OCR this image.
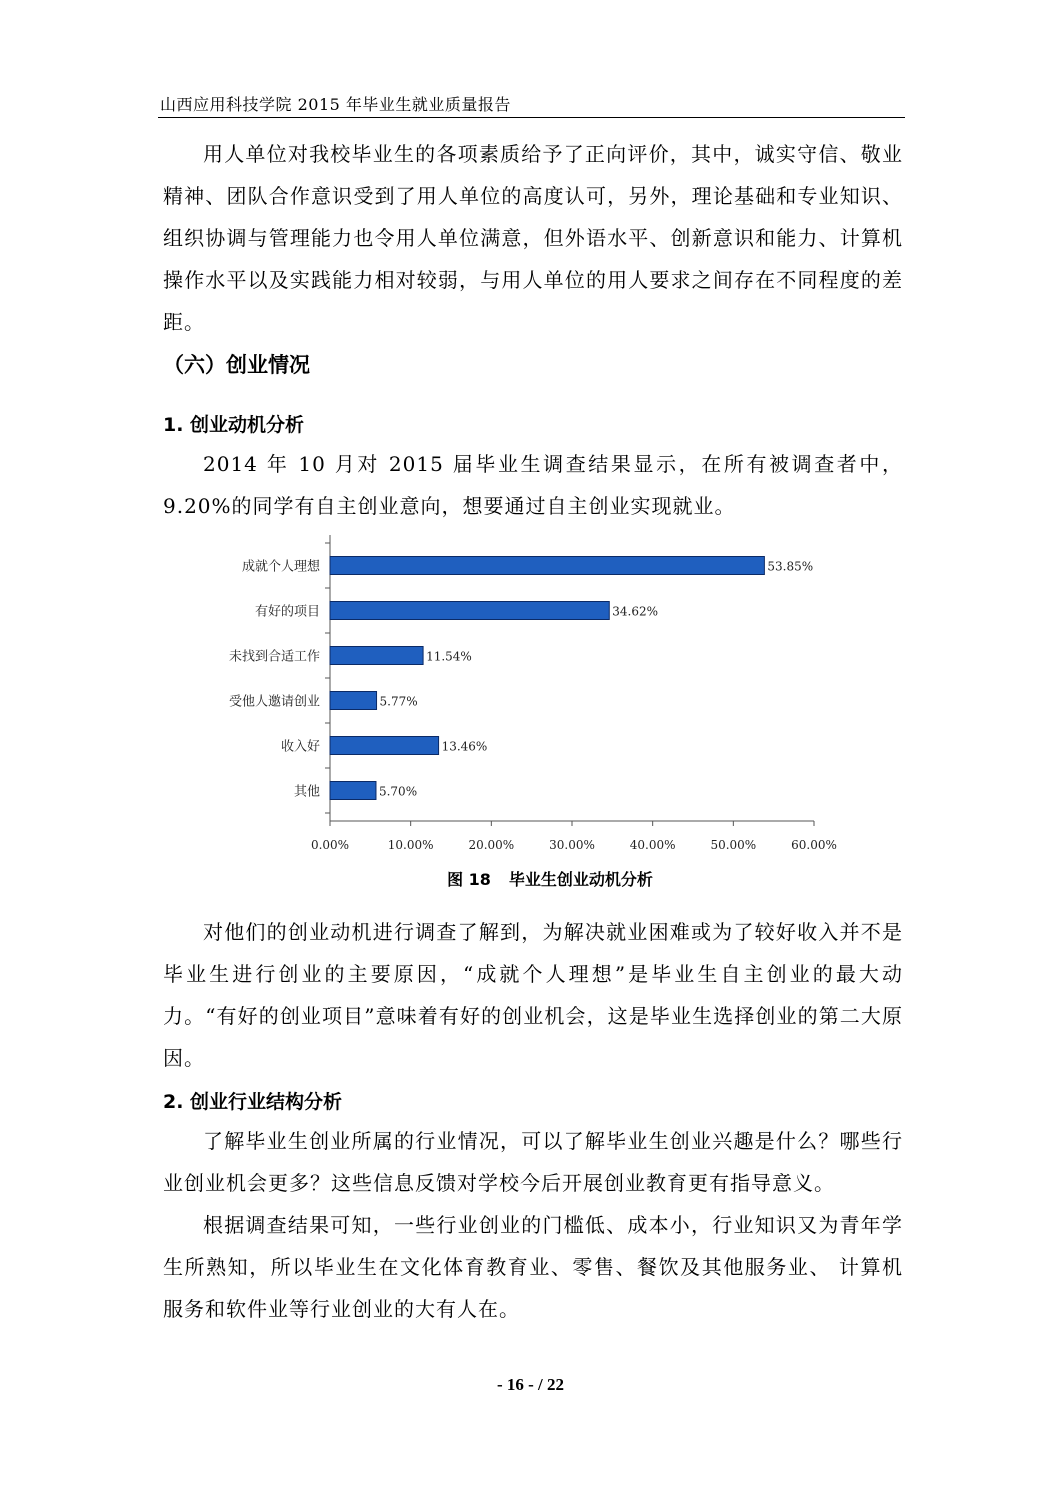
山西应用科技学院 2015 年毕业生就业质量报告

用人单位对我校毕业生的各项素质给予了正向评价，其中，诚实守信、敬业精神、团队合作意识受到了用人单位的高度认可，另外，理论基础和专业知识、组织协调与管理能力也令用人单位满意，但外语水平、创新意识和能力、计算机操作水平以及实践能力相对较弱，与用人单位的用人要求之间存在不同程度的差距。

（六）创业情况
1. 创业动机分析

2014 年 10 月对 2015 届毕业生调查结果显示，在所有被调查者中，9.20%的同学有自主创业意向，想要通过自主创业实现就业。

0.00%	10.00%	20.00%	30.00%	40.00%	50.00%	60.00%
成就个人理想	53.85%
有好的项目	34.62%
未找到合适工作	11.54%
受他人邀请创业	5.77%
收入好	13.46%
其他	5.70%
图 18 毕业生创业动机分析

对他们的创业动机进行调查了解到，为解决就业困难或为了较好收入并不是毕业生进行创业的主要原因，“成就个人理想”是毕业生自主创业的最大动力。“有好的创业项目”意味着有好的创业机会，这是毕业生选择创业的第二大原因。

2. 创业行业结构分析

了解毕业生创业所属的行业情况，可以了解毕业生创业兴趣是什么？哪些行业创业机会更多？这些信息反馈对学校今后开展创业教育更有指导意义。

根据调查结果可知，一些行业创业的门槛低、成本小，行业知识又为青年学生所熟知，所以毕业生在文化体育教育业、零售、餐饮及其他服务业、 计算机服务和软件业等行业创业的大有人在。

- 16 - / 22
